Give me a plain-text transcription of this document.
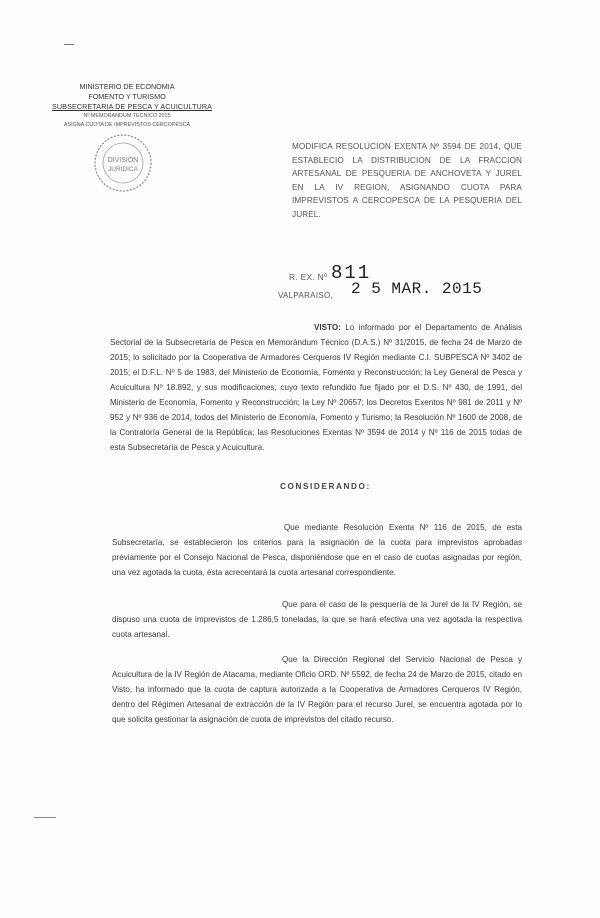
MINISTERIO DE ECONOMIA
FOMENTO Y TURISMO
SUBSECRETARIA DE PESCA Y ACUICULTURA
Nº MEMORANDUM TECNICO 2015
ASIGNA CUOTA DE IMPREVISTOS CERCOPESCA
DIVISION
JURIDICA
MODIFICA RESOLUCION EXENTA Nº 3594 DE 2014, QUE ESTABLECIO LA DISTRIBUCION DE LA FRACCION ARTESANAL DE PESQUERIA DE ANCHOVETA Y JUREL EN LA IV REGION, ASIGNANDO CUOTA PARA IMPREVISTOS A CERCOPESCA DE LA PESQUERIA DEL JUREL.
R. EX. Nº 811
VALPARAISO, 2 5 MAR. 2015
VISTO: Lo informado por el Departamento de Análisis Sectorial de la Subsecretaría de Pesca en Memorándum Técnico (D.A.S.) Nº 31/2015, de fecha 24 de Marzo de 2015; lo solicitado por la Cooperativa de Armadores Cerqueros IV Región mediante C.I. SUBPESCA Nº 3402 de 2015; el D.F.L. Nº 5 de 1983, del Ministerio de Economía, Fomento y Reconstrucción; la Ley General de Pesca y Acuicultura Nº 18.892, y sus modificaciones, cuyo texto refundido fue fijado por el D.S. Nº 430, de 1991, del Ministerio de Economía, Fomento y Reconstrucción; la Ley Nº 20657; los Decretos Exentos Nº 981 de 2011 y Nº 952 y Nº 936 de 2014, todos del Ministerio de Economía, Fomento y Turismo; la Resolución Nº 1600 de 2008, de la Contraloría General de la República; las Resoluciones Exentas Nº 3594 de 2014 y Nº 116 de 2015 todas de esta Subsecretaría de Pesca y Acuicultura.
CONSIDERANDO:
Que mediante Resolución Exenta Nº 116 de 2015, de esta Subsecretaría, se establecieron los criterios para la asignación de la cuota para imprevistos aprobadas previamente por el Consejo Nacional de Pesca, disponiéndose que en el caso de cuotas asignadas por región, una vez agotada la cuota, ésta acrecentará la cuota artesanal correspondiente.
Que para el caso de la pesquería de la Jurel de la IV Región, se dispuso una cuota de imprevistos de 1.286,5 toneladas, la que se hará efectiva una vez agotada la respectiva cuota artesanal.
Que la Dirección Regional del Servicio Nacional de Pesca y Acuicultura de la IV Región de Atacama, mediante Oficio ORD. Nº 5592, de fecha 24 de Marzo de 2015, citado en Visto, ha informado que la cuota de captura autorizada a la Cooperativa de Armadores Cerqueros IV Región, dentro del Régimen Artesanal de extracción de la IV Región para el recurso Jurel, se encuentra agotada por lo que solicita gestionar la asignación de cuota de imprevistos del citado recurso.
